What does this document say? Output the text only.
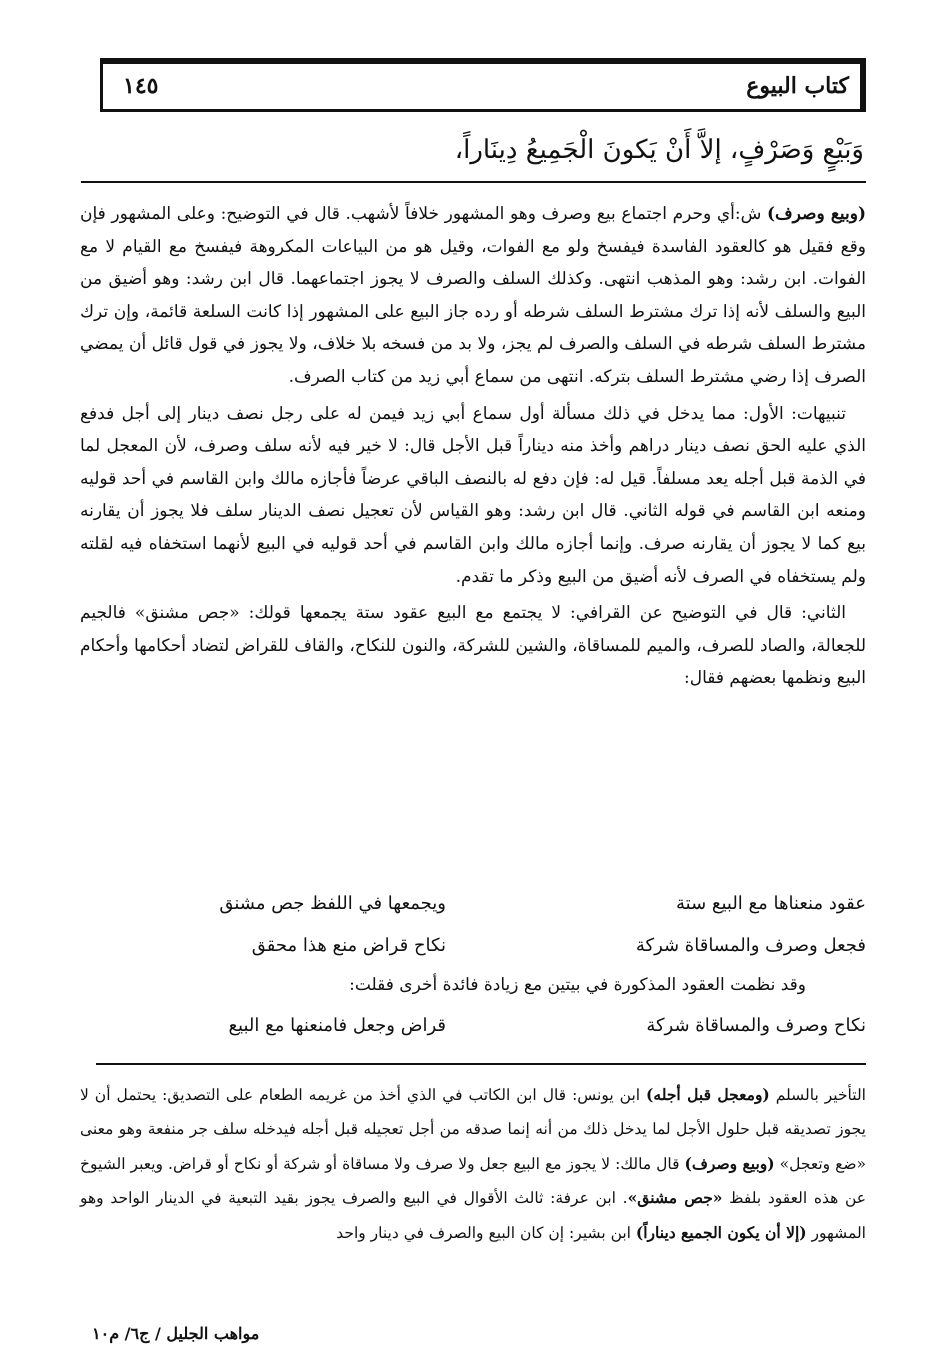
كتاب البيوع
١٤٥
وَبَيْعٍ وَصَرْفٍ، إلاَّ أَنْ يَكونَ الْجَمِيعُ دِينَاراً،

(وبيع وصرف) ش:أي وحرم اجتماع بيع وصرف وهو المشهور خلافاً لأشهب. قال في التوضيح: وعلى المشهور فإن وقع فقيل هو كالعقود الفاسدة فيفسخ ولو مع الفوات، وقيل هو من البياعات المكروهة فيفسخ مع القيام لا مع الفوات. ابن رشد: وهو المذهب انتهى. وكذلك السلف والصرف لا يجوز اجتماعهما. قال ابن رشد: وهو أضيق من البيع والسلف لأنه إذا ترك مشترط السلف شرطه أو رده جاز البيع على المشهور إذا كانت السلعة قائمة، وإن ترك مشترط السلف شرطه في السلف والصرف لم يجز، ولا بد من فسخه بلا خلاف، ولا يجوز في قول قائل أن يمضي الصرف إذا رضي مشترط السلف بتركه. انتهى من سماع أبي زيد من كتاب الصرف.

تنبيهات: الأول: مما يدخل في ذلك مسألة أول سماع أبي زيد فيمن له على رجل نصف دينار إلى أجل فدفع الذي عليه الحق نصف دينار دراهم وأخذ منه ديناراً قبل الأجل قال: لا خير فيه لأنه سلف وصرف، لأن المعجل لما في الذمة قبل أجله يعد مسلفاً. قيل له: فإن دفع له بالنصف الباقي عرضاً فأجازه مالك وابن القاسم في أحد قوليه ومنعه ابن القاسم في قوله الثاني. قال ابن رشد: وهو القياس لأن تعجيل نصف الدينار سلف فلا يجوز أن يقارنه بيع كما لا يجوز أن يقارنه صرف. وإنما أجازه مالك وابن القاسم في أحد قوليه في البيع لأنهما استخفاه فيه لقلته ولم يستخفاه في الصرف لأنه أضيق من البيع وذكر ما تقدم.

الثاني: قال في التوضيح عن القرافي: لا يجتمع مع البيع عقود ستة يجمعها قولك: «جص مشنق» فالجيم للجعالة، والصاد للصرف، والميم للمساقاة، والشين للشركة، والنون للنكاح، والقاف للقراض لتضاد أحكامها وأحكام البيع ونظمها بعضهم فقال:

عقود منعناها مع البيع ستة
ويجمعها في اللفظ جص مشنق
فجعل وصرف والمساقاة شركة
نكاح قراض منع هذا محقق
وقد نظمت العقود المذكورة في بيتين مع زيادة فائدة أخرى فقلت:
نكاح وصرف والمساقاة شركة
قراض وجعل فامنعنها مع البيع
التأخير بالسلم (ومعجل قبل أجله) ابن يونس: قال ابن الكاتب في الذي أخذ من غريمه الطعام على التصديق: يحتمل أن لا يجوز تصديقه قبل حلول الأجل لما يدخل ذلك من أنه إنما صدقه من أجل تعجيله قبل أجله فيدخله سلف جر منفعة وهو معنى «ضع وتعجل» (وبيع وصرف) قال مالك: لا يجوز مع البيع جعل ولا صرف ولا مساقاة أو شركة أو نكاح أو قراض. ويعبر الشيوخ عن هذه العقود بلفظ «جص مشنق». ابن عرفة: ثالث الأقوال في البيع والصرف يجوز بقيد التبعية في الدينار الواحد وهو المشهور (إلا أن يكون الجميع ديناراً) ابن بشير: إن كان البيع والصرف في دينار واحد
مواهب الجليل / ج٦/ م١٠
